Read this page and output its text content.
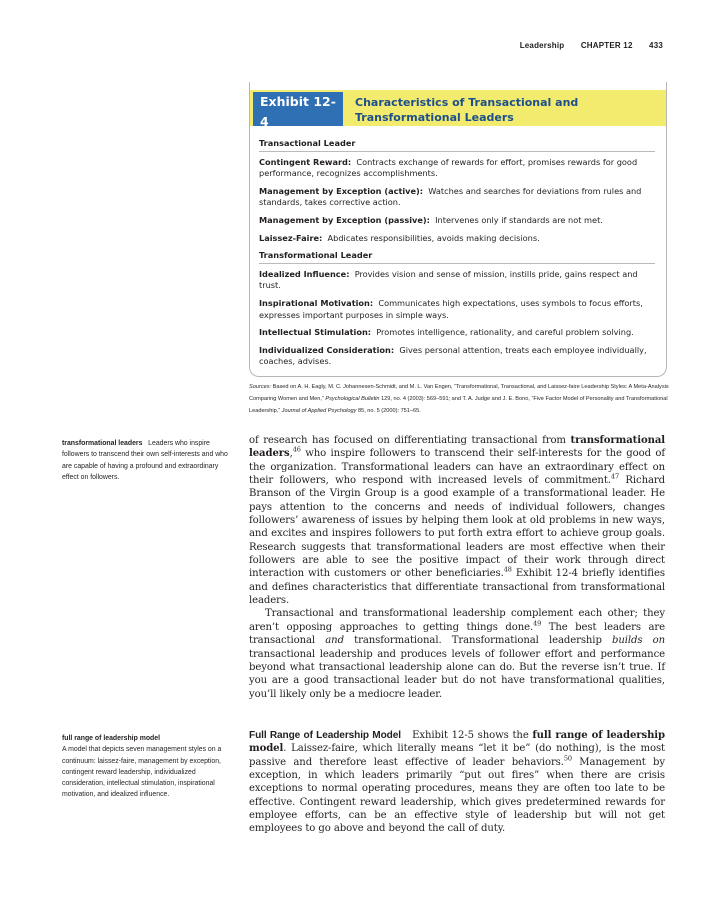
Leadership CHAPTER 12 433
Exhibit 12-4
Characteristics of Transactional and Transformational Leaders
Transactional Leader
Contingent Reward: Contracts exchange of rewards for effort, promises rewards for good performance, recognizes accomplishments.
Management by Exception (active): Watches and searches for deviations from rules and standards, takes corrective action.
Management by Exception (passive): Intervenes only if standards are not met.
Laissez-Faire: Abdicates responsibilities, avoids making decisions.
Transformational Leader
Idealized Influence: Provides vision and sense of mission, instills pride, gains respect and trust.
Inspirational Motivation: Communicates high expectations, uses symbols to focus efforts, expresses important purposes in simple ways.
Intellectual Stimulation: Promotes intelligence, rationality, and careful problem solving.
Individualized Consideration: Gives personal attention, treats each employee individually, coaches, advises.
Sources: Based on A. H. Eagly, M. C. Johannesen-Schmidt, and M. L. Van Engen, “Transformational, Transactional, and Laissez-faire Leadership Styles: A Meta-Analysis Comparing Women and Men,” Psychological Bulletin 129, no. 4 (2003): 569–591; and T. A. Judge and J. E. Bono, “Five Factor Model of Personality and Transformational Leadership,” Journal of Applied Psychology 85, no. 5 (2000): 751–65.
transformational leaders Leaders who inspire followers to transcend their own self-interests and who are capable of having a profound and extraordinary effect on followers.
full range of leadership model
A model that depicts seven management styles on a continuum: laissez-faire, management by exception, contingent reward leadership, individualized consideration, intellectual stimulation, inspirational motivation, and idealized influence.

of research has focused on differentiating transactional from transformational leaders,$^{46}$ who inspire followers to transcend their self-interests for the good of the organization. Transformational leaders can have an extraordinary effect on their followers, who respond with increased levels of commitment.$^{47}$ Richard Branson of the Virgin Group is a good example of a transformational leader. He pays attention to the concerns and needs of individual followers, changes followers’ awareness of issues by helping them look at old problems in new ways, and excites and inspires followers to put forth extra effort to achieve group goals. Research suggests that transformational leaders are most effective when their followers are able to see the positive impact of their work through direct interaction with customers or other beneficiaries.$^{48}$ Exhibit 12-4 briefly identifies and defines characteristics that differentiate transactional from transformational leaders.

Transactional and transformational leadership complement each other; they aren’t opposing approaches to getting things done.$^{49}$ The best leaders are transactional and transformational. Transformational leadership builds on transactional leadership and produces levels of follower effort and performance beyond what transactional leadership alone can do. But the reverse isn’t true. If you are a good transactional leader but do not have transformational qualities, you’ll likely only be a mediocre leader.

Full Range of Leadership Model Exhibit 12-5 shows the full range of leadership model. Laissez-faire, which literally means “let it be” (do nothing), is the most passive and therefore least effective of leader behaviors.$^{50}$ Management by exception, in which leaders primarily “put out fires” when there are crisis exceptions to normal operating procedures, means they are often too late to be effective. Contingent reward leadership, which gives predetermined rewards for employee efforts, can be an effective style of leadership but will not get employees to go above and beyond the call of duty.
